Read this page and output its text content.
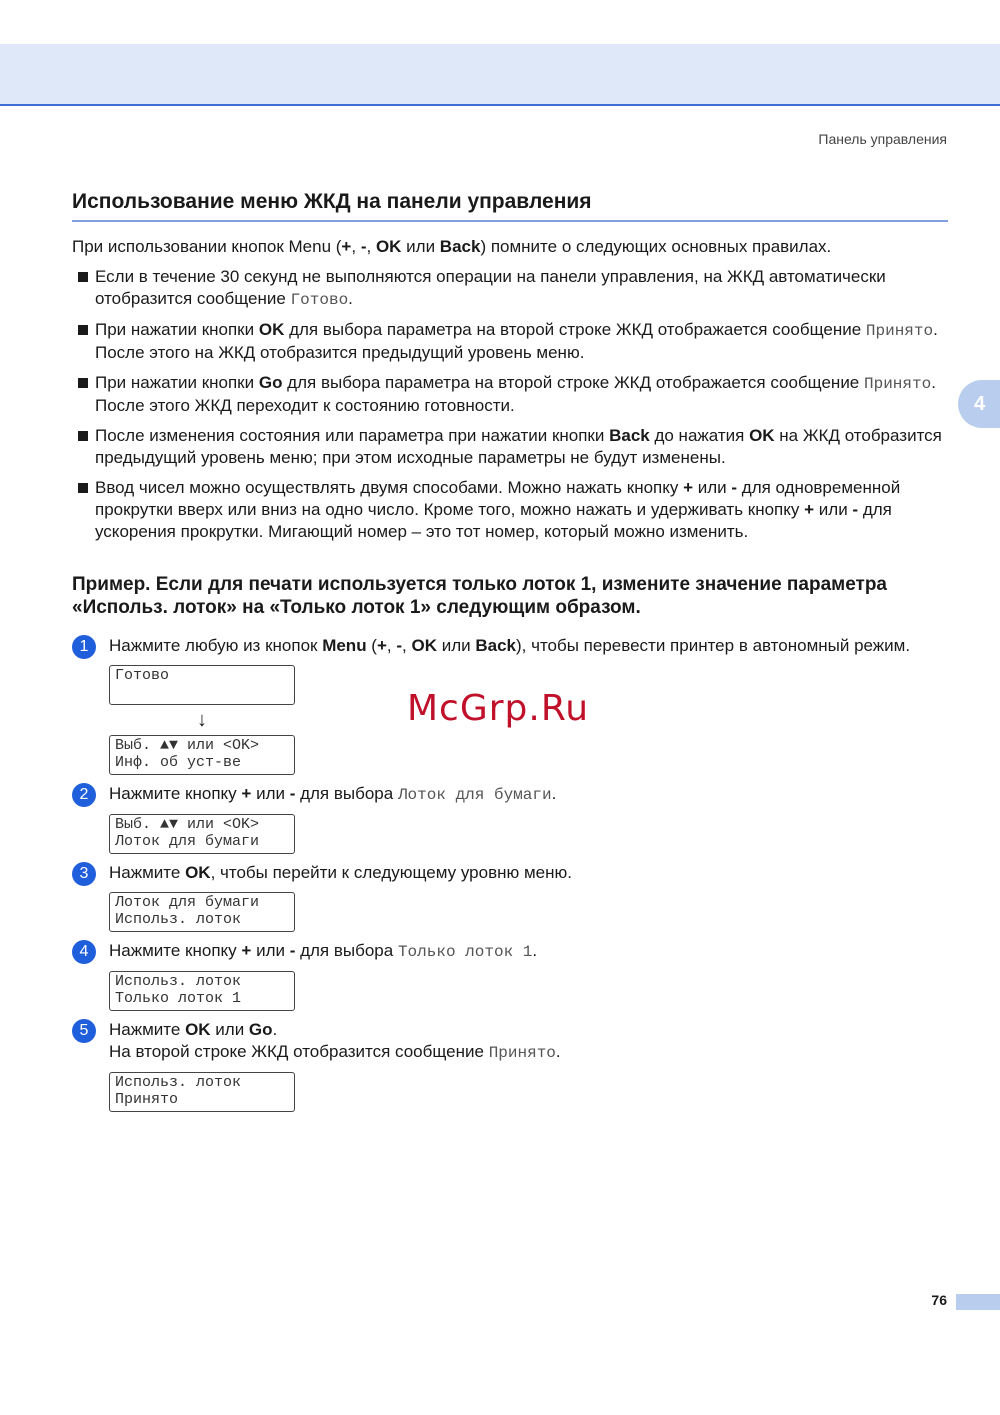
Панель управления
4
Использование меню ЖКД на панели управления

При использовании кнопок Menu (+, -, OK или Back) помните о следующих основных правилах.

Если в течение 30 секунд не выполняются операции на панели управления, на ЖКД автоматически отобразится сообщение Готово.
При нажатии кнопки OK для выбора параметра на второй строке ЖКД отображается сообщение Принято. После этого на ЖКД отобразится предыдущий уровень меню.
При нажатии кнопки Go для выбора параметра на второй строке ЖКД отображается сообщение Принято. После этого ЖКД переходит к состоянию готовности.
После изменения состояния или параметра при нажатии кнопки Back до нажатия OK на ЖКД отобразится предыдущий уровень меню; при этом исходные параметры не будут изменены.
Ввод чисел можно осуществлять двумя способами. Можно нажать кнопку + или - для одновременной прокрутки вверх или вниз на одно число. Кроме того, можно нажать и удерживать кнопку + или - для ускорения прокрутки. Мигающий номер – это тот номер, который можно изменить.
Пример. Если для печати используется только лоток 1, измените значение параметра «Использ. лоток» на «Только лоток 1» следующим образом.
1	Нажмите любую из кнопок Menu (+, -, OK или Back), чтобы перевести принтер в автономный режим.
Готово
↓
Выб. ▲▼ или <OK>
Инф. об уст-ве
2	Нажмите кнопку + или - для выбора Лоток для бумаги.
Выб. ▲▼ или <OK>
Лоток для бумаги
3	Нажмите OK, чтобы перейти к следующему уровню меню.
Лоток для бумаги
Использ. лоток
4	Нажмите кнопку + или - для выбора Только лоток 1.
Использ. лоток
Только лоток 1
5	Нажмите OK или Go.
На второй строке ЖКД отобразится сообщение Принято.
Использ. лоток
Принято
McGrp.Ru
76
